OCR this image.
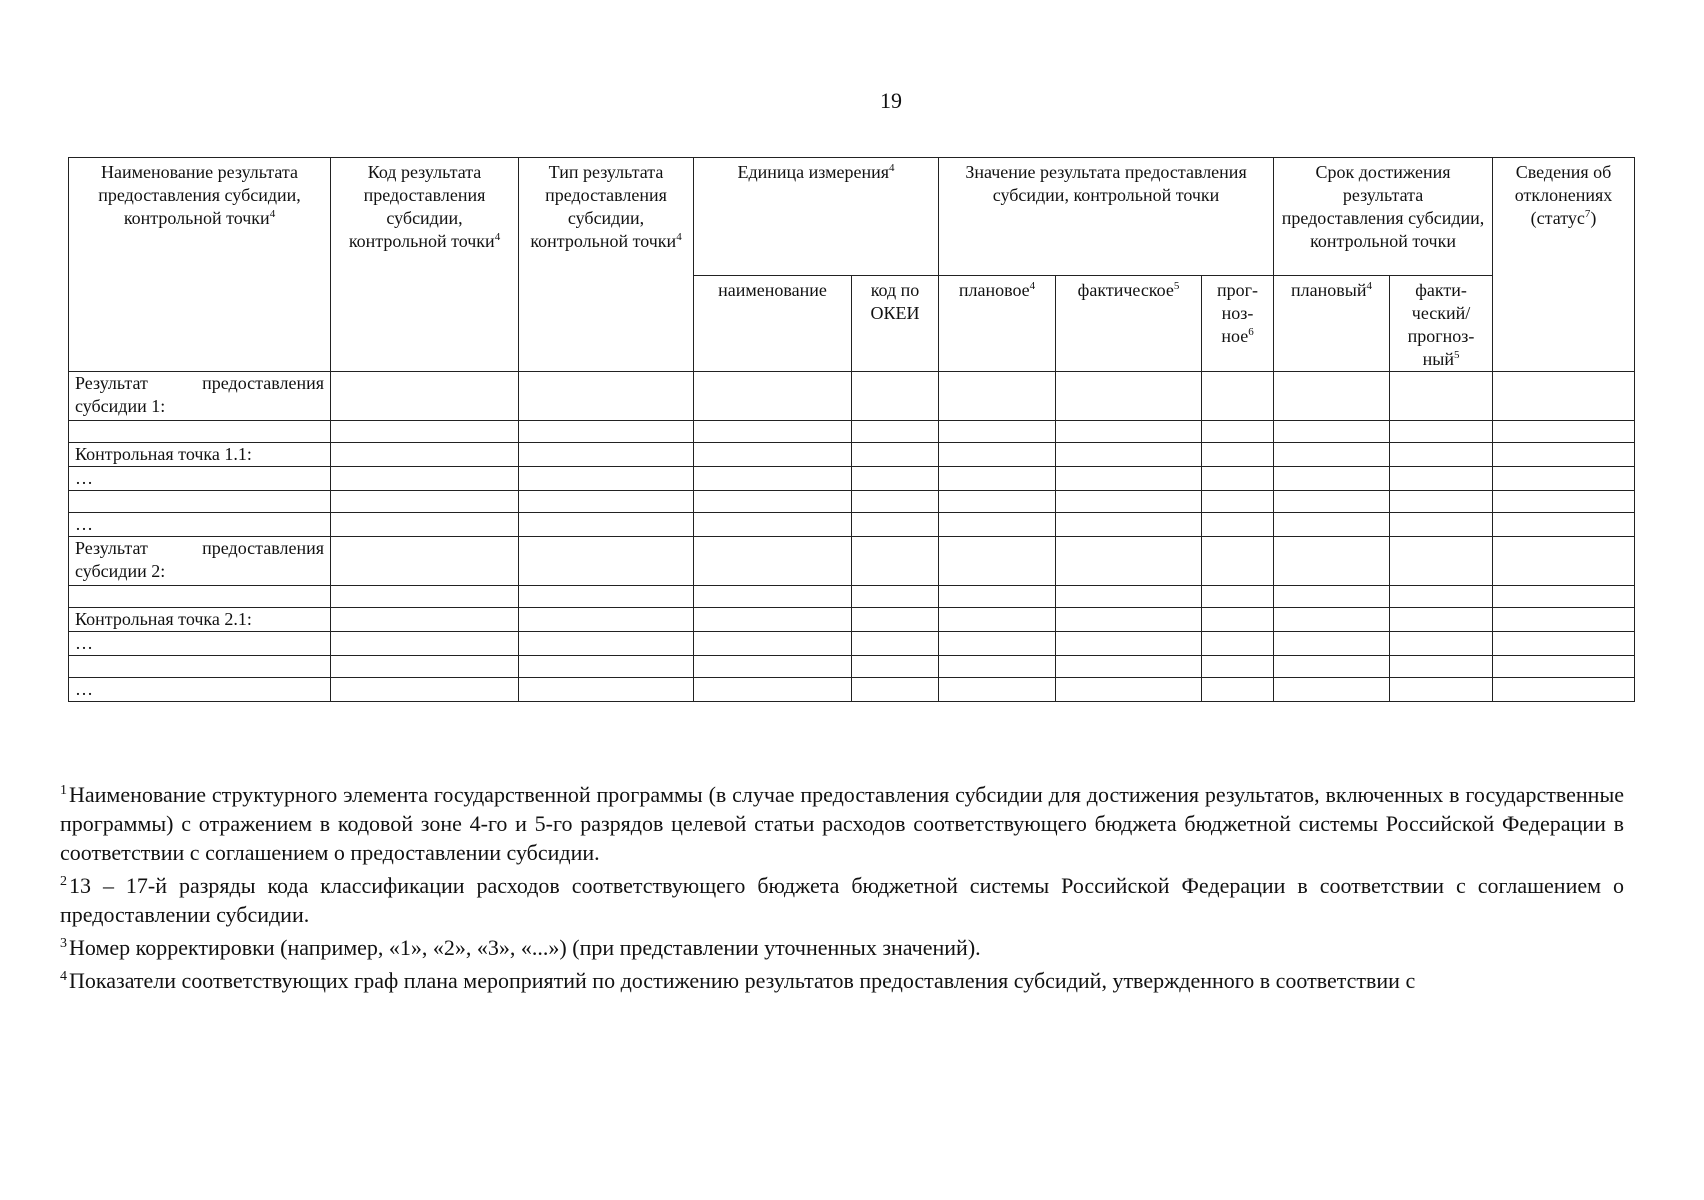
19
Наименование результата предоставления субсидии, контрольной точки$^4$	Код результата предоставления субсидии, контрольной точки$^4$	Тип результата предоставления субсидии, контрольной точки$^4$	Единица измерения$^4$		Значение результата предоставления субсидии, контрольной точки			Срок достижения результата предоставления субсидии, контрольной точки		Сведения об отклонениях (статус$^7$)
			наименование	код по ОКЕИ	плановое$^4$	фактическое$^5$	прог-ноз-ное$^6$	плановый$^4$	факти-ческий/ прогноз-ный$^5$
Результат предоставления субсидии 1:										

Контрольная точка 1.1:										
…										

…										
Результат предоставления субсидии 2:										

Контрольная точка 2.1:										
…										

…										

$^1$Наименование структурного элемента государственной программы (в случае предоставления субсидии для достижения результатов, включенных в государственные программы) с отражением в кодовой зоне 4-го и 5-го разрядов целевой статьи расходов соответствующего бюджета бюджетной системы Российской Федерации в соответствии с соглашением о предоставлении субсидии.

$^2$13 – 17-й разряды кода классификации расходов соответствующего бюджета бюджетной системы Российской Федерации в соответствии с соглашением о предоставлении субсидии.

$^3$Номер корректировки (например, «1», «2», «3», «...») (при представлении уточненных значений).

$^4$Показатели соответствующих граф плана мероприятий по достижению результатов предоставления субсидий, утвержденного в соответствии с
